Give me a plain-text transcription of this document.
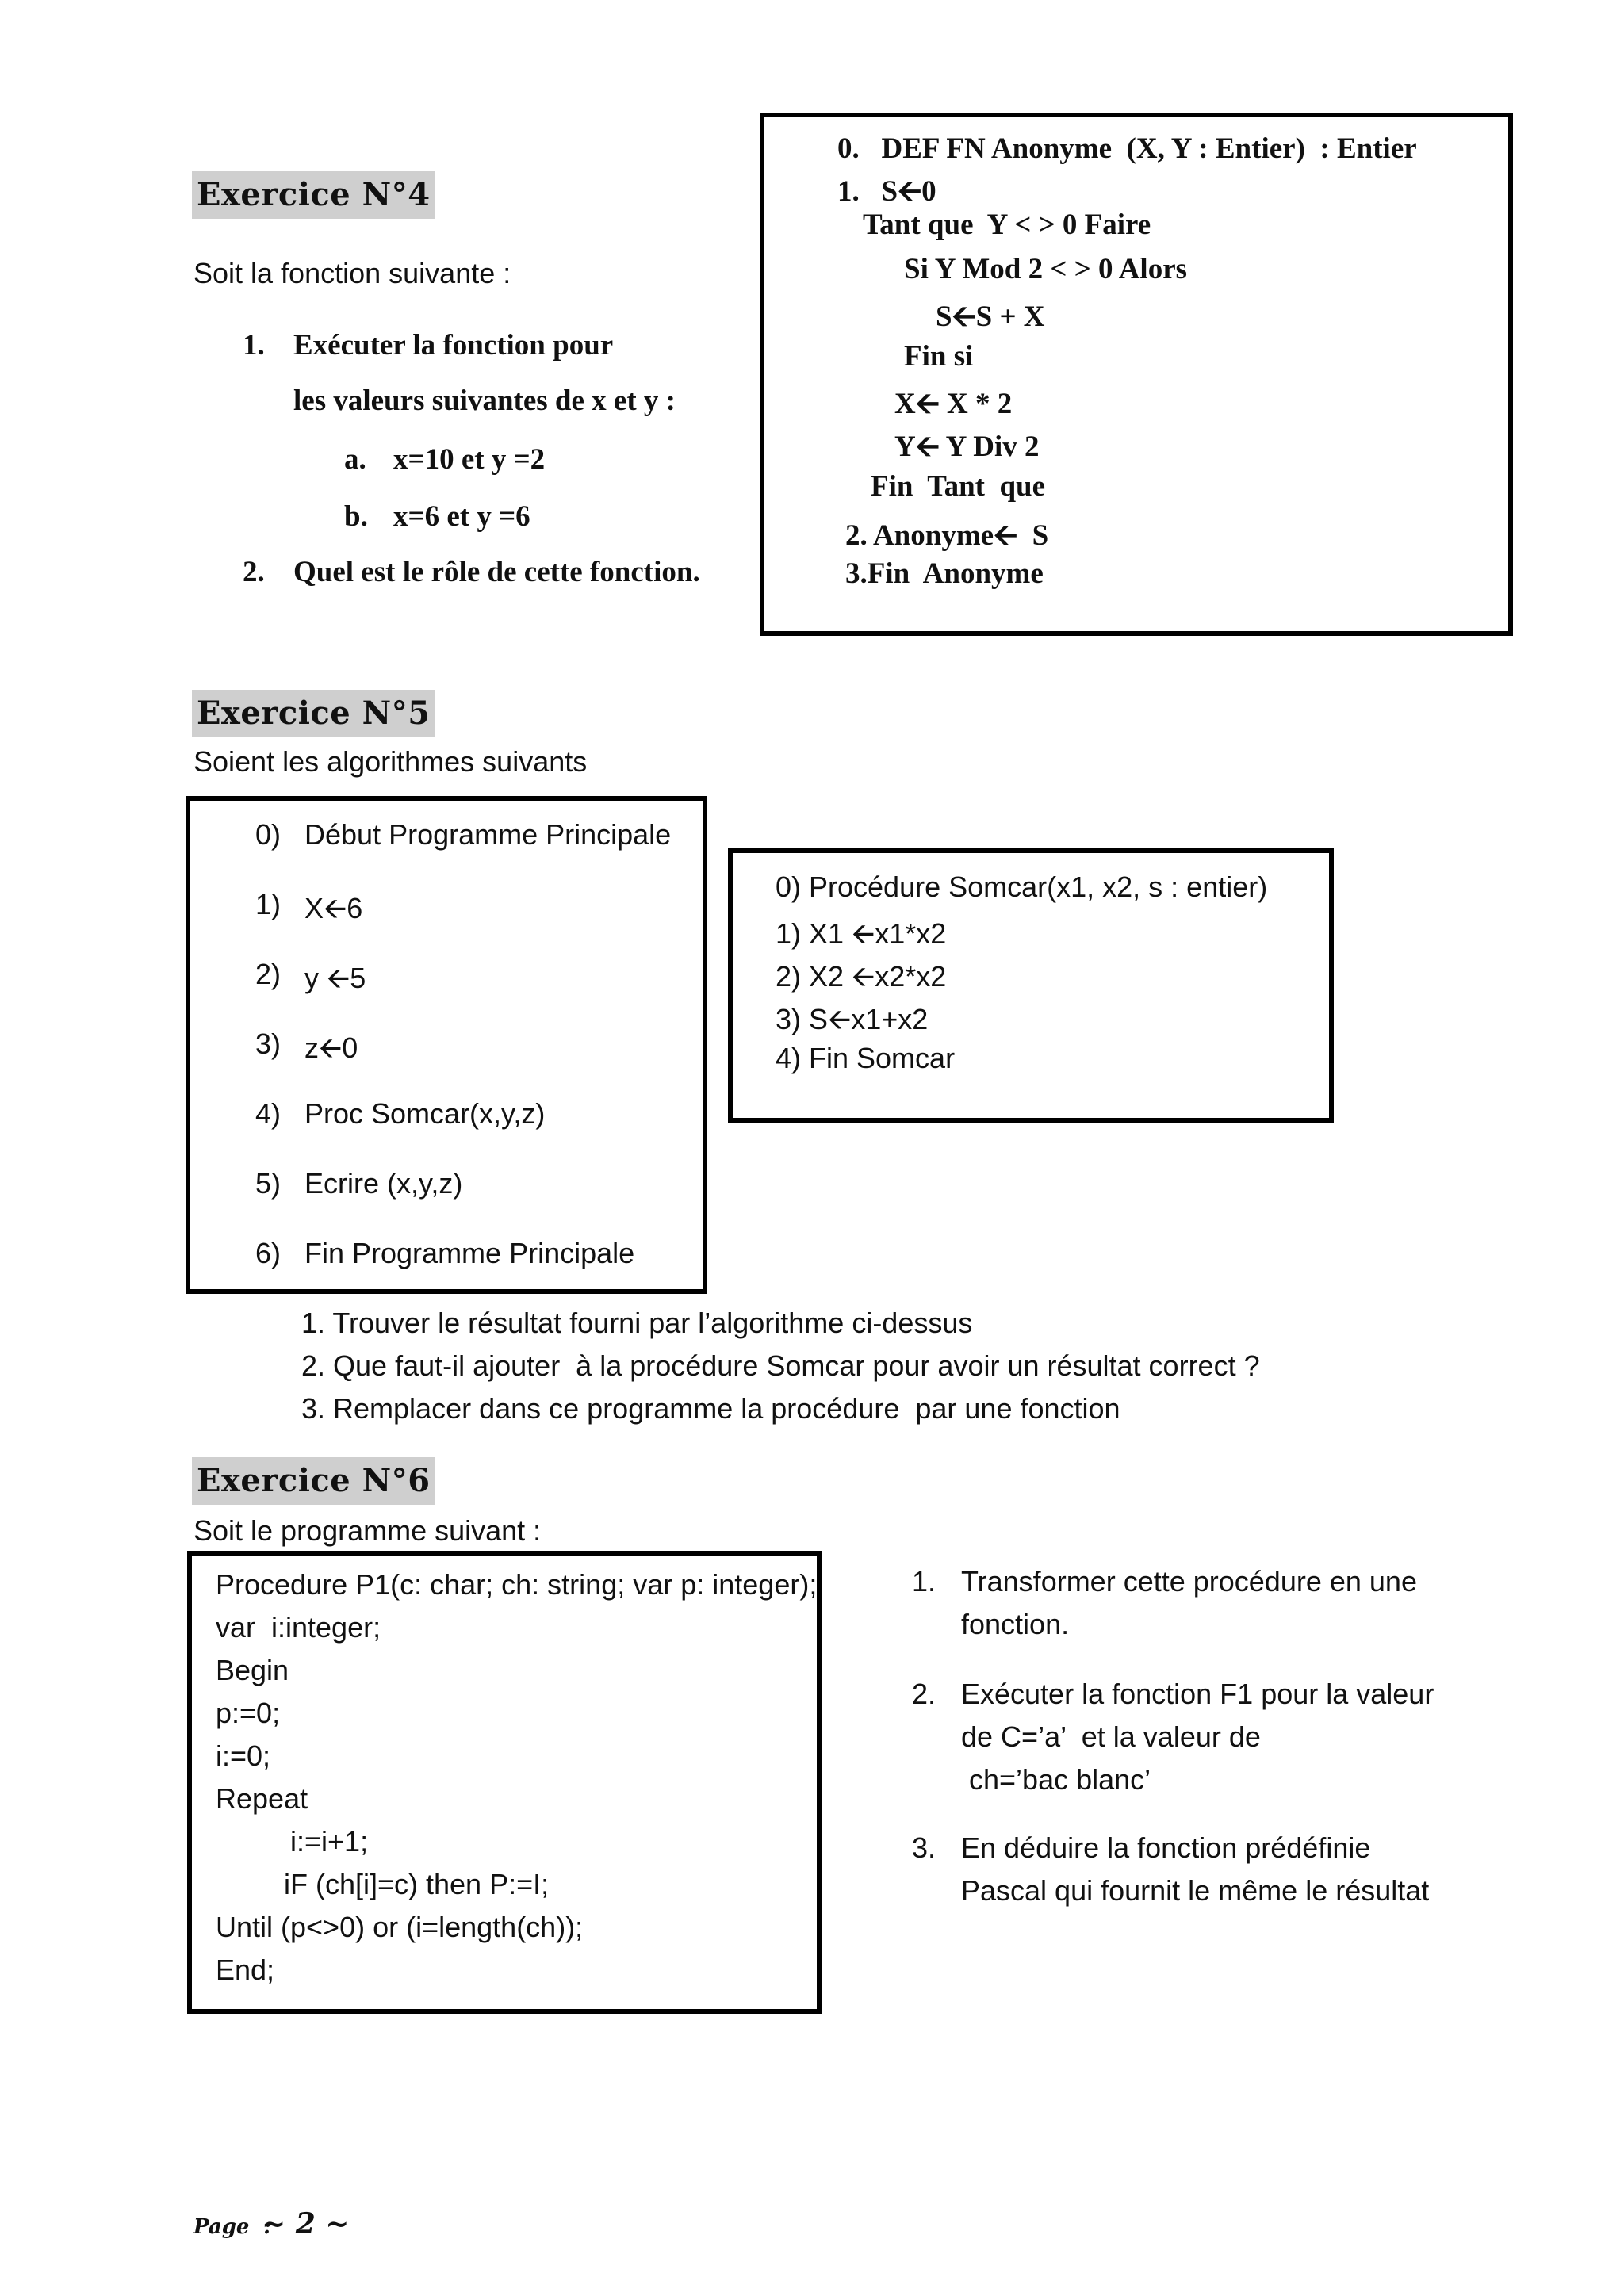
Exercice N°4
Soit la fonction suivante :
1. Exécuter la fonction pour
les valeurs suivantes de x et y :
a. x=10 et y =2
b. x=6 et y =6
2. Quel est le rôle de cette fonction.
0.   DEF FN Anonyme  (X, Y : Entier)  : Entier
1.   S🡨0
Tant que  Y < > 0 Faire
Si Y Mod 2 < > 0 Alors
S🡨S + X
Fin si
X🡨 X * 2
Y🡨 Y Div 2
Fin  Tant  que
2. Anonyme🡨  S
3.Fin  Anonyme
Exercice N°5
Soient les algorithmes suivants
0) Début Programme Principale
1) X🡨6
2) y 🡨5
3) z🡨0
4) Proc Somcar(x,y,z)
5) Ecrire (x,y,z)
6) Fin Programme Principale
0) Procédure Somcar(x1, x2, s : entier)
1) X1 🡨x1*x2
2) X2 🡨x2*x2
3) S🡨x1+x2
4) Fin Somcar
1. Trouver le résultat fourni par l’algorithme ci-dessus
2. Que faut-il ajouter  à la procédure Somcar pour avoir un résultat correct ?
3. Remplacer dans ce programme la procédure  par une fonction
Exercice N°6
Soit le programme suivant :
Procedure P1(c: char; ch: string; var p: integer);
var  i:integer;
Begin
p:=0;
i:=0;
Repeat
i:=i+1;
iF (ch[i]=c) then P:=I;
Until (p<>0) or (i=length(ch));
End;
1. Transformer cette procédure en une
fonction.
2. Exécuter la fonction F1 pour la valeur
de C=’a’  et la valeur de
ch=’bac blanc’
3. En déduire la fonction prédéfinie
Pascal qui fournit le même le résultat
Page  :
~ 2 ~
